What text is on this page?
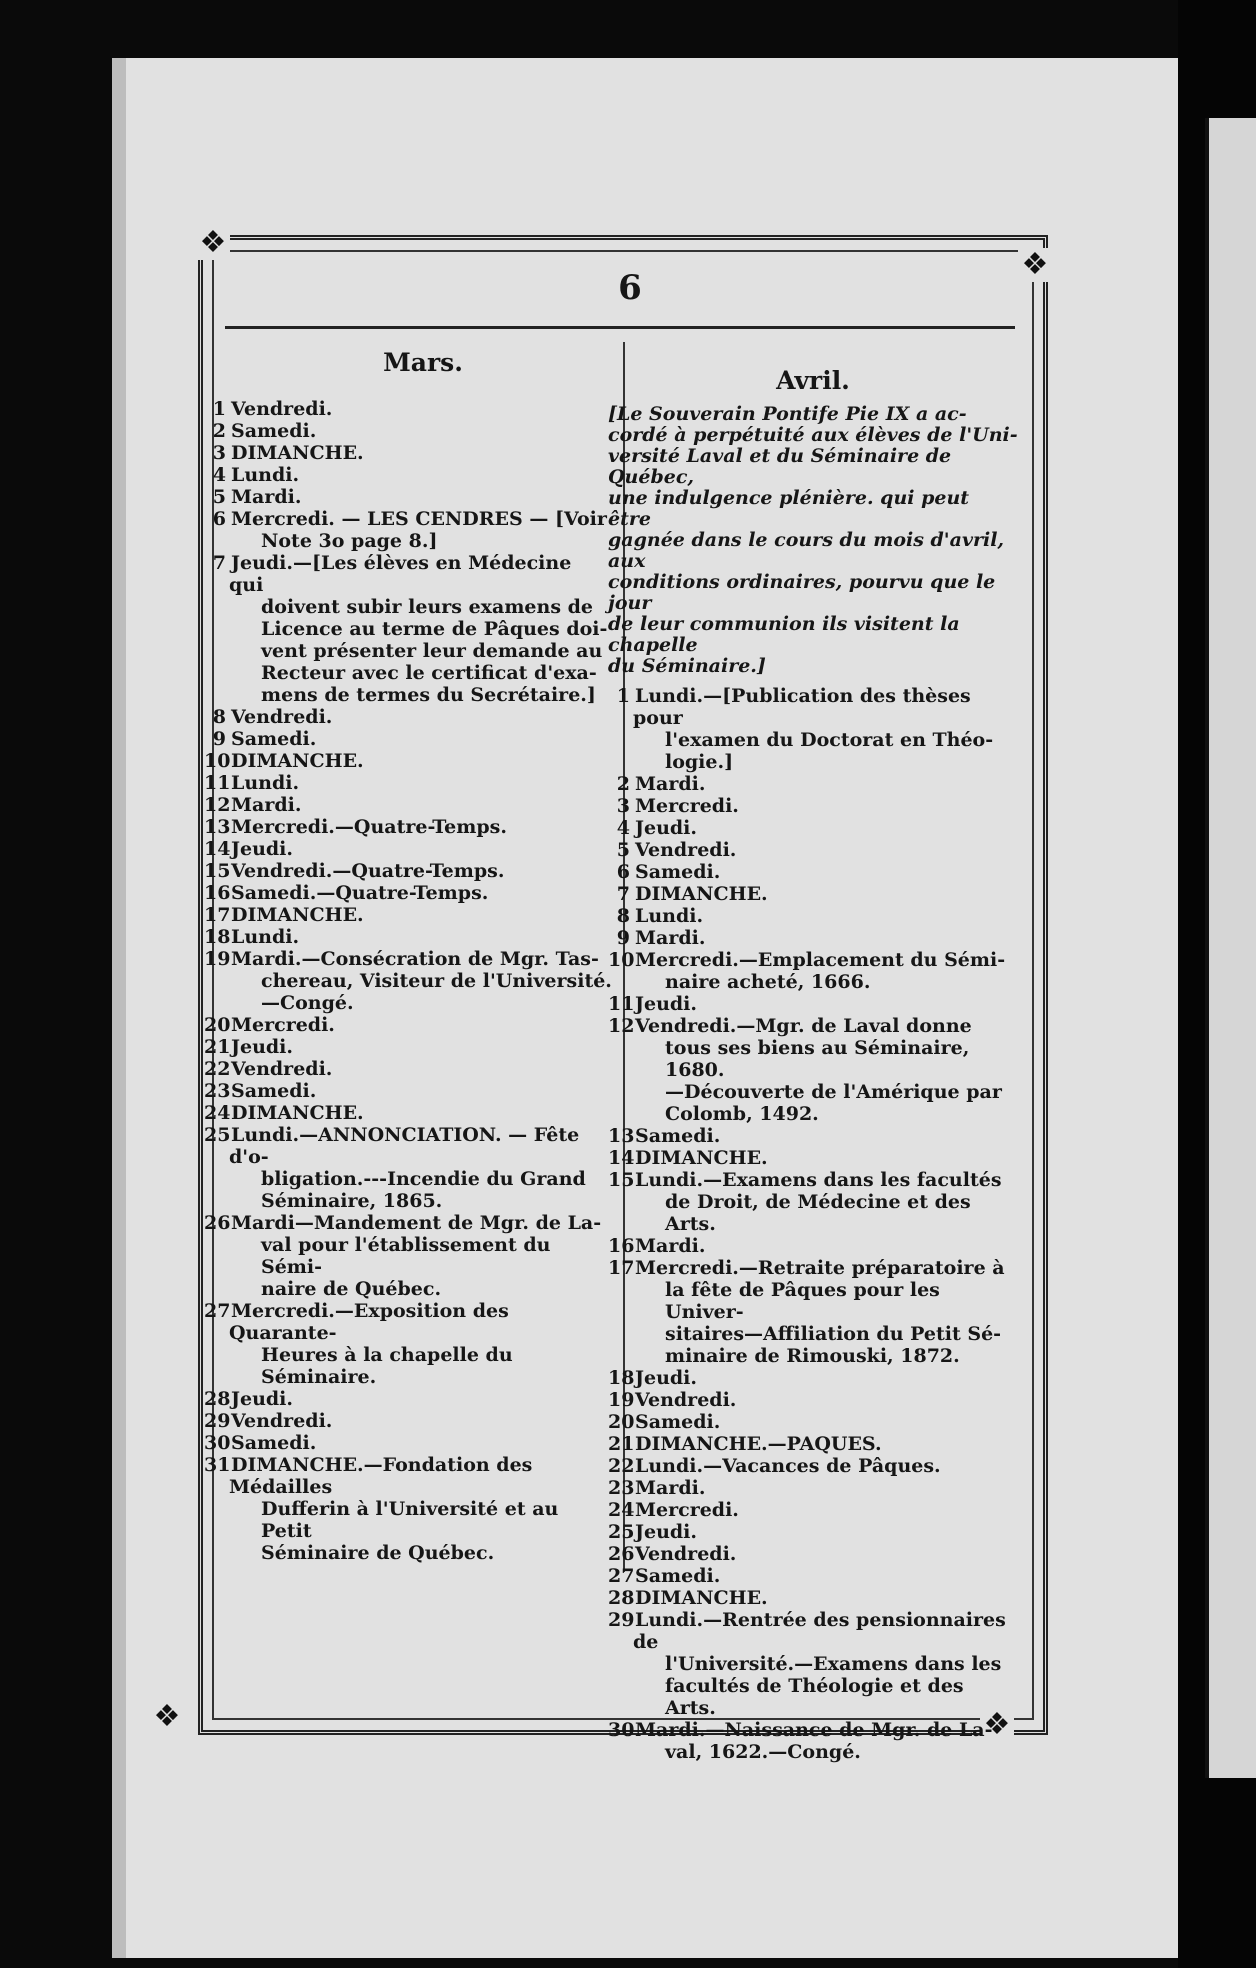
❖
❖
❖	❖
6
Mars.
1 Vendredi.
2 Samedi.
3 DIMANCHE.
4 Lundi.
5 Mardi.
6 Mercredi. — LES CENDRES — [Voir
Note 3o page 8.]
7 Jeudi.—[Les élèves en Médecine qui
doivent subir leurs examens de
Licence au terme de Pâques doi-
vent présenter leur demande au
Recteur avec le certificat d'exa-
mens de termes du Secrétaire.]
8 Vendredi.
9 Samedi.
10DIMANCHE.
11Lundi.
12Mardi.
13Mercredi.—Quatre-Temps.
14Jeudi.
15Vendredi.—Quatre-Temps.
16Samedi.—Quatre-Temps.
17DIMANCHE.
18Lundi.
19Mardi.—Consécration de Mgr. Tas-
chereau, Visiteur de l'Université.
—Congé.
20Mercredi.
21Jeudi.
22Vendredi.
23Samedi.
24DIMANCHE.
25Lundi.—ANNONCIATION. — Fête d'o-
bligation.---Incendie du Grand
Séminaire, 1865.
26Mardi—Mandement de Mgr. de La-
val pour l'établissement du Sémi-
naire de Québec.
27Mercredi.—Exposition des Quarante-
Heures à la chapelle du Séminaire.
28Jeudi.
29Vendredi.
30Samedi.
31DIMANCHE.—Fondation des Médailles
Dufferin à l'Université et au Petit
Séminaire de Québec.
Avril.
[Le Souverain Pontife Pie IX a ac-
cordé à perpétuité aux élèves de l'Uni-
versité Laval et du Séminaire de Québec,
une indulgence plénière. qui peut être
gagnée dans le cours du mois d'avril, aux
conditions ordinaires, pourvu que le jour
de leur communion ils visitent la chapelle
du Séminaire.]
1 Lundi.—[Publication des thèses pour
l'examen du Doctorat en Théo-
logie.]
2 Mardi.
3 Mercredi.
4 Jeudi.
5 Vendredi.
6 Samedi.
7 DIMANCHE.
8 Lundi.
9 Mardi.
10Mercredi.—Emplacement du Sémi-
naire acheté, 1666.
11Jeudi.
12Vendredi.—Mgr. de Laval donne
tous ses biens au Séminaire, 1680.
—Découverte de l'Amérique par
Colomb, 1492.
13Samedi.
14DIMANCHE.
15Lundi.—Examens dans les facultés
de Droit, de Médecine et des Arts.
16Mardi.
17Mercredi.—Retraite préparatoire à
la fête de Pâques pour les Univer-
sitaires—Affiliation du Petit Sé-
minaire de Rimouski, 1872.
18Jeudi.
19Vendredi.
20Samedi.
21DIMANCHE.—PAQUES.
22Lundi.—Vacances de Pâques.
23Mardi.
24Mercredi.
25Jeudi.
26Vendredi.
27Samedi.
28DIMANCHE.
29Lundi.—Rentrée des pensionnaires de
l'Université.—Examens dans les
facultés de Théologie et des Arts.
30Mardi.—Naissance de Mgr. de La-
val, 1622.—Congé.
